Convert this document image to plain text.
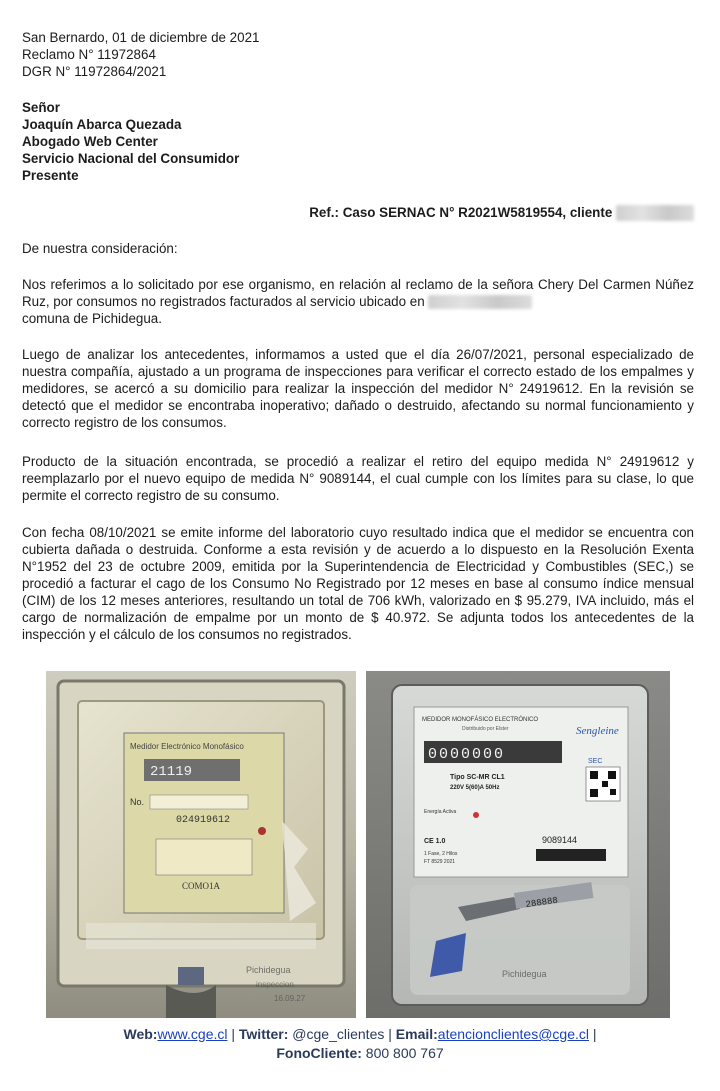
San Bernardo, 01 de diciembre de 2021

Reclamo N° 11972864

DGR N° 11972864/2021

Señor

Joaquín Abarca Quezada

Abogado Web Center

Servicio Nacional del Consumidor

Presente

Ref.: Caso SERNAC N° R2021W5819554, cliente

De nuestra consideración:

Nos referimos a lo solicitado por ese organismo, en relación al reclamo de la señora Chery Del Carmen Núñez Ruz, por consumos no registrados facturados al servicio ubicado en
comuna de Pichidegua.

Luego de analizar los antecedentes, informamos a usted que el día 26/07/2021, personal especializado de nuestra compañía, ajustado a un programa de inspecciones para verificar el correcto estado de los empalmes y medidores, se acercó a su domicilio para realizar la inspección del medidor N° 24919612. En la revisión se detectó que el medidor se encontraba inoperativo; dañado o destruido, afectando su normal funcionamiento y correcto registro de los consumos.

Producto de la situación encontrada, se procedió a realizar el retiro del equipo medida N° 24919612 y reemplazarlo por el nuevo equipo de medida N° 9089144, el cual cumple con los límites para su clase, lo que permite el correcto registro de su consumo.

Con fecha 08/10/2021 se emite informe del laboratorio cuyo resultado indica que el medidor se encuentra con cubierta dañada o destruida. Conforme a esta revisión y de acuerdo a lo dispuesto en la Resolución Exenta N°1952 del 23 de octubre 2009, emitida por la Superintendencia de Electricidad y Combustibles (SEC,) se procedió a facturar el cago de los Consumo No Registrado por 12 meses en base al consumo índice mensual (CIM) de los 12 meses anteriores, resultando un total de 706 kWh, valorizado en $ 95.279, IVA incluido, más el cargo de normalización de empalme por un monto de $ 40.972. Se adjunta todos los antecedentes de la inspección y el cálculo de los consumos no registrados.

Medidor Electrónico Monofásico
21119
No.
024919612
COMO1A
Pichidegua
inspeccion
16.09.27
MEDIDOR MONOFÁSICO ELECTRÓNICO
Distribuido por Elster	Sengleine
0000000
Tipo SC-MR CL1
220V 5(60)A 50Hz
SEC
Energía Activa
CE 1.0	9089144
1 Fase, 2 Hilos
FT 8529 2021
288888
Pichidegua

Web:www.cge.cl | Twitter: @cge_clientes | Email:atencionclientes@cge.cl |

FonoCliente: 800 800 767
